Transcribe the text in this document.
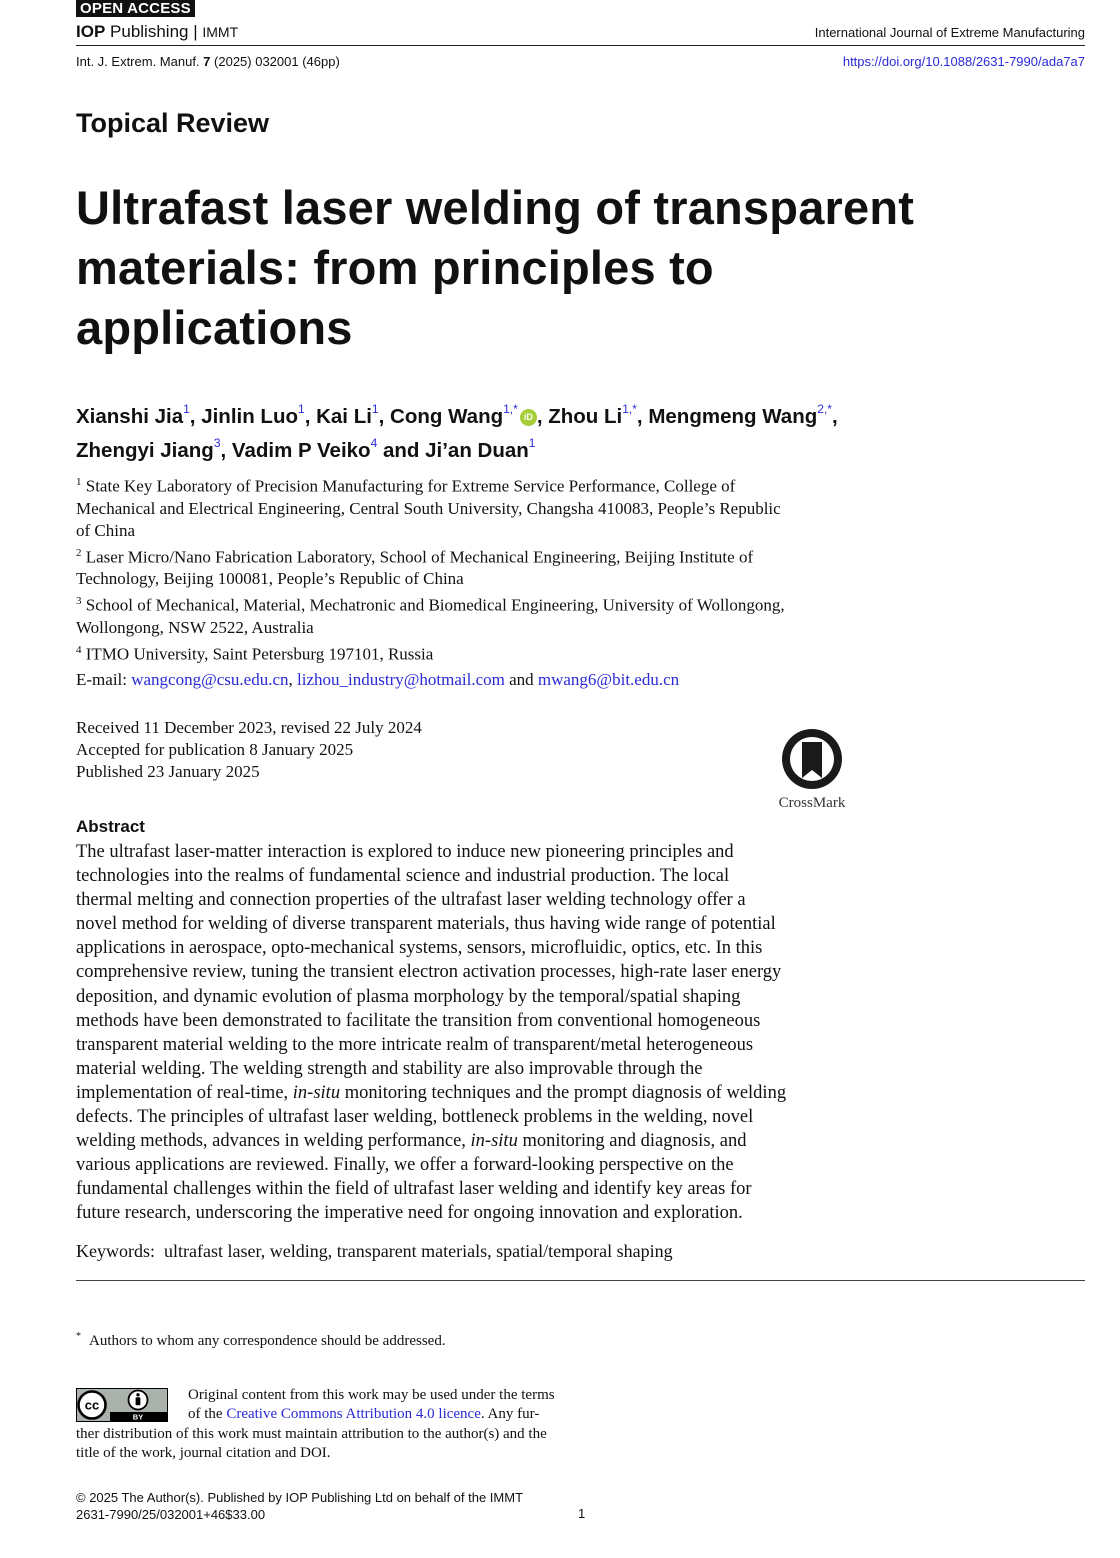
OPEN ACCESS
IOP Publishing | IMMT	International Journal of Extreme Manufacturing
Int. J. Extrem. Manuf. 7 (2025) 032001 (46pp)	https://doi.org/10.1088/2631-7990/ada7a7
Topical Review
Ultrafast laser welding of transparent
materials: from principles to
applications
Xianshi Jia$^1$, Jinlin Luo$^1$, Kai Li$^1$, Cong Wang$^{1,*}$iD , Zhou $Li^{1,*}$, Mengmeng Wang$^{2,*}$,
Zhengyi Jiang$^3$, Vadim P Veiko$^4$ and Ji’an Duan$^1$
$^1$ State Key Laboratory of Precision Manufacturing for Extreme Service Performance, College of
Mechanical and Electrical Engineering, Central South University, Changsha 410083, People’s Republic
of China
$^2$ Laser Micro/Nano Fabrication Laboratory, School of Mechanical Engineering, Beijing Institute of
Technology, Beijing 100081, People’s Republic of China
$^3$ School of Mechanical, Material, Mechatronic and Biomedical Engineering, University of Wollongong,
Wollongong, NSW 2522, Australia
$^4$ ITMO University, Saint Petersburg 197101, Russia
E-mail: wangcong@csu.edu.cn, lizhou_industry@hotmail.com and mwang6@bit.edu.cn
Received 11 December 2023, revised 22 July 2024
Accepted for publication 8 January 2025
Published 23 January 2025
CrossMark
Abstract
The ultrafast laser-matter interaction is explored to induce new pioneering principles and
technologies into the realms of fundamental science and industrial production. The local
thermal melting and connection properties of the ultrafast laser welding technology offer a
novel method for welding of diverse transparent materials, thus having wide range of potential
applications in aerospace, opto-mechanical systems, sensors, microfluidic, optics, etc. In this
comprehensive review, tuning the transient electron activation processes, high-rate laser energy
deposition, and dynamic evolution of plasma morphology by the temporal/spatial shaping
methods have been demonstrated to facilitate the transition from conventional homogeneous
transparent material welding to the more intricate realm of transparent/metal heterogeneous
material welding. The welding strength and stability are also improvable through the
implementation of real-time, in-situ monitoring techniques and the prompt diagnosis of welding
defects. The principles of ultrafast laser welding, bottleneck problems in the welding, novel
welding methods, advances in welding performance, in-situ monitoring and diagnosis, and
various applications are reviewed. Finally, we offer a forward-looking perspective on the
fundamental challenges within the field of ultrafast laser welding and identify key areas for
future research, underscoring the imperative need for ongoing innovation and exploration.
Keywords: ultrafast laser, welding, transparent materials, spatial/temporal shaping
* Authors to whom any correspondence should be addressed.
cc
BY
Original content from this work may be used under the terms
of the Creative Commons Attribution 4.0 licence. Any fur-
ther distribution of this work must maintain attribution to the author(s) and the
title of the work, journal citation and DOI.
© 2025 The Author(s). Published by IOP Publishing Ltd on behalf of the IMMT
2631-7990/25/032001+46$33.00	1
